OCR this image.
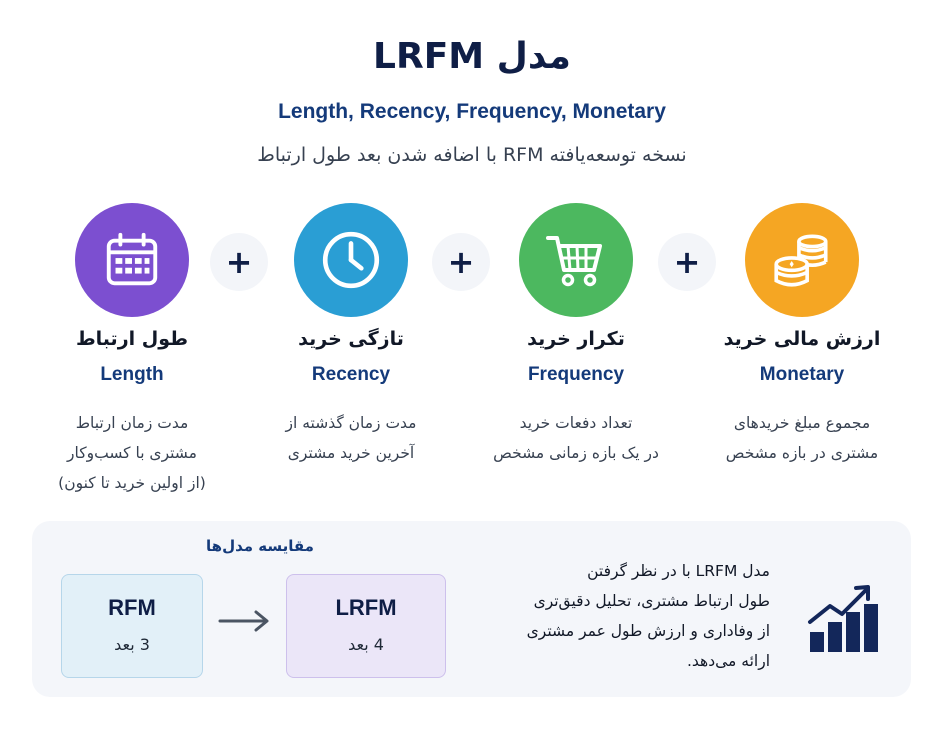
مدل LRFM
Length, Recency, Frequency, Monetary
نسخه توسعه‌یافته RFM با اضافه شدن بعد طول ارتباط
+	+	+
طول ارتباط
Length
مدت زمان ارتباط
مشتری با کسب‌وکار
(از اولین خرید تا کنون)
تازگی خرید
Recency
مدت زمان گذشته از
آخرین خرید مشتری
تکرار خرید
Frequency
تعداد دفعات خرید
در یک بازه زمانی مشخص
ارزش مالی خرید
Monetary
مجموع مبلغ خریدهای
مشتری در بازه مشخص
مقایسه مدل‌ها
RFM
3 بعد
LRFM
4 بعد
مدل LRFM با در نظر گرفتن
طول ارتباط مشتری، تحلیل دقیق‌تری
از وفاداری و ارزش طول عمر مشتری
ارائه می‌دهد.
